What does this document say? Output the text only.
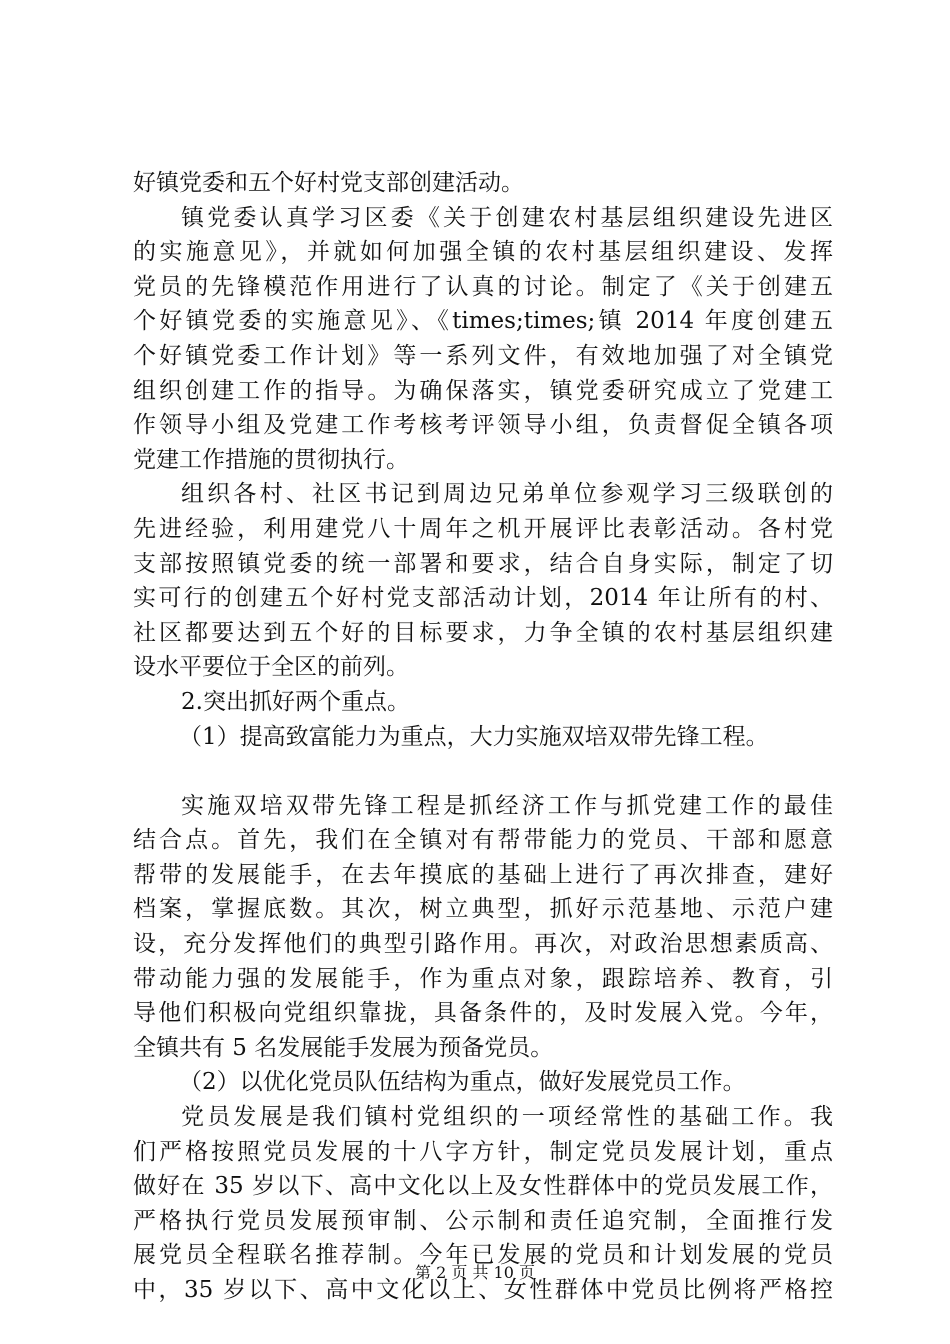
好镇党委和五个好村党支部创建活动。
镇党委认真学习区委《关于创建农村基层组织建设先进区
的实施意见》，并就如何加强全镇的农村基层组织建设、发挥
党员的先锋模范作用进行了认真的讨论。制定了《关于创建五
个好镇党委的实施意见》、《times;times;镇 2014 年度创建五
个好镇党委工作计划》等一系列文件，有效地加强了对全镇党
组织创建工作的指导。为确保落实，镇党委研究成立了党建工
作领导小组及党建工作考核考评领导小组，负责督促全镇各项
党建工作措施的贯彻执行。
组织各村、社区书记到周边兄弟单位参观学习三级联创的
先进经验，利用建党八十周年之机开展评比表彰活动。各村党
支部按照镇党委的统一部署和要求，结合自身实际，制定了切
实可行的创建五个好村党支部活动计划，2014 年让所有的村、
社区都要达到五个好的目标要求，力争全镇的农村基层组织建
设水平要位于全区的前列。
2.突出抓好两个重点。
（1）提高致富能力为重点，大力实施双培双带先锋工程。
实施双培双带先锋工程是抓经济工作与抓党建工作的最佳
结合点。首先，我们在全镇对有帮带能力的党员、干部和愿意
帮带的发展能手，在去年摸底的基础上进行了再次排查，建好
档案，掌握底数。其次，树立典型，抓好示范基地、示范户建
设，充分发挥他们的典型引路作用。再次，对政治思想素质高、
带动能力强的发展能手，作为重点对象，跟踪培养、教育，引
导他们积极向党组织靠拢，具备条件的，及时发展入党。今年，
全镇共有 5 名发展能手发展为预备党员。
（2）以优化党员队伍结构为重点，做好发展党员工作。
党员发展是我们镇村党组织的一项经常性的基础工作。我
们严格按照党员发展的十八字方针，制定党员发展计划，重点
做好在 35 岁以下、高中文化以上及女性群体中的党员发展工作，
严格执行党员发展预审制、公示制和责任追究制，全面推行发
展党员全程联名推荐制。今年已发展的党员和计划发展的党员
中，35 岁以下、高中文化以上、女性群体中党员比例将严格控
第 2 页 共 10 页
